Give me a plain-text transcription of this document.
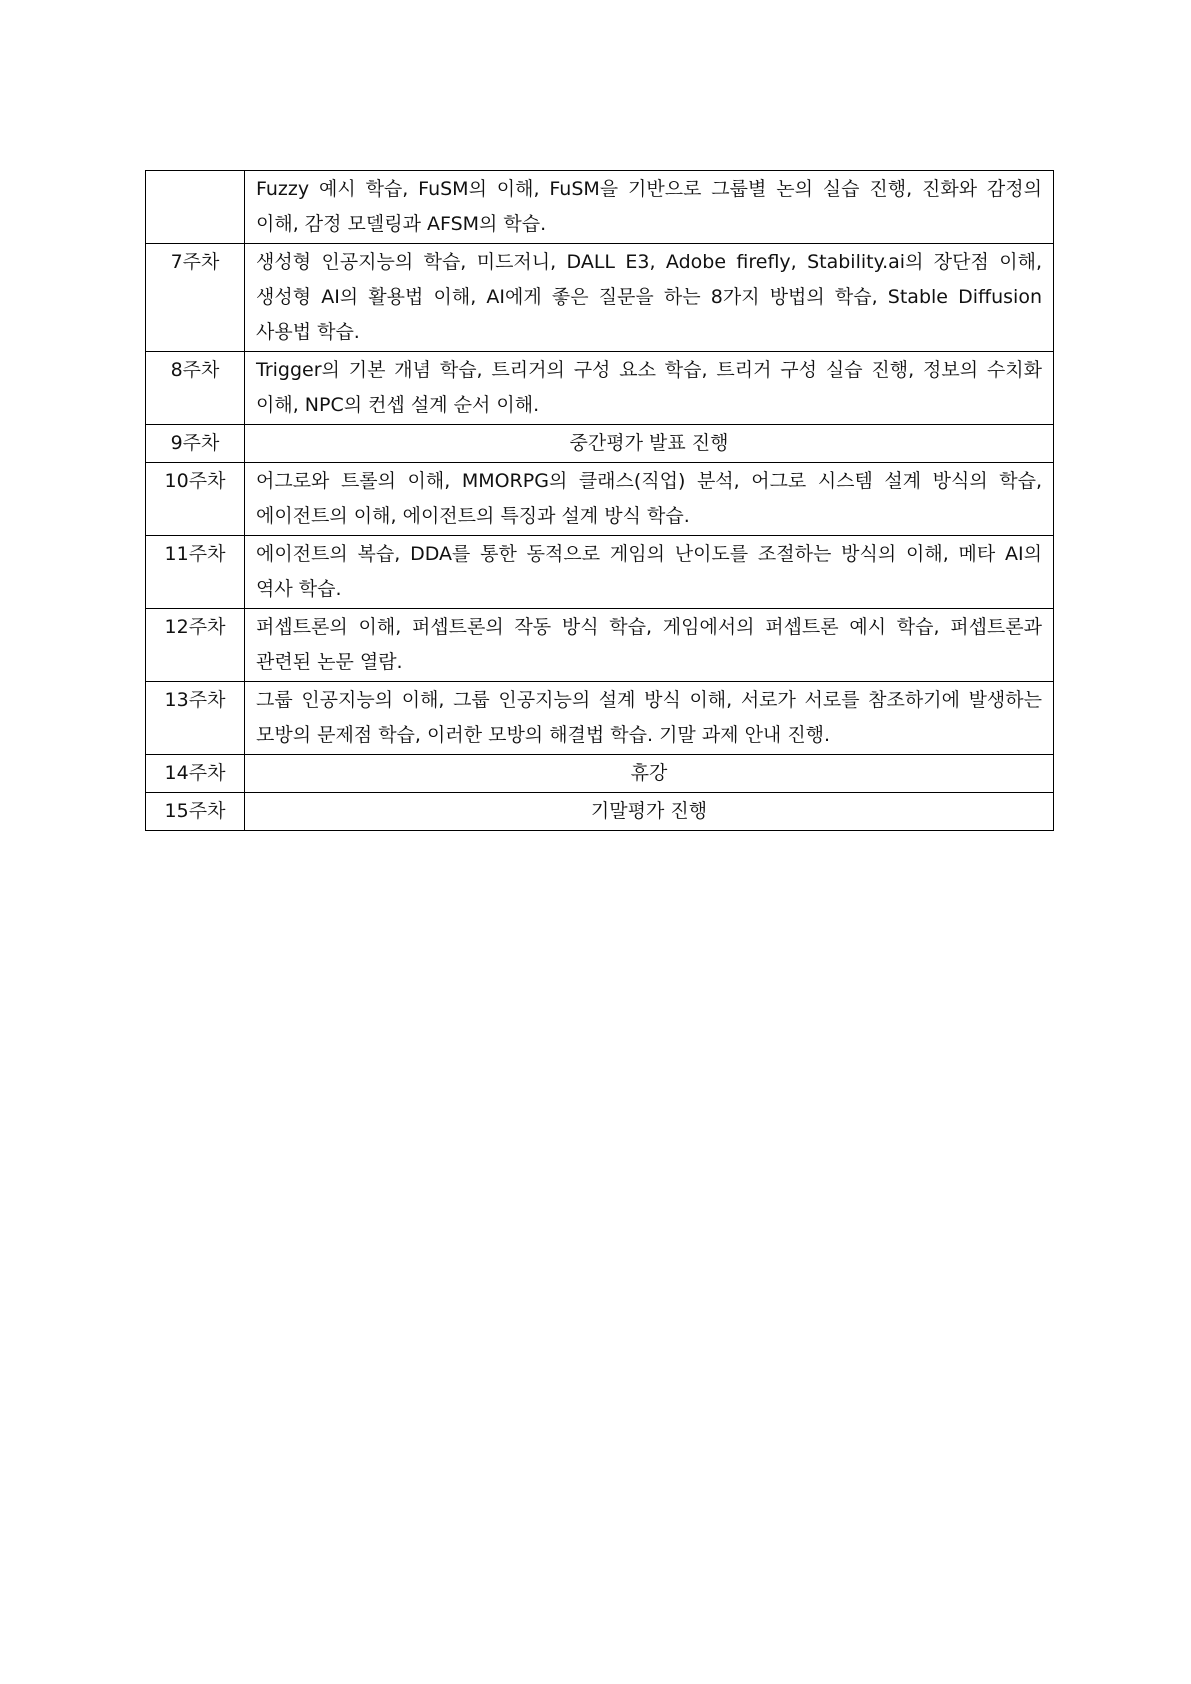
	Fuzzy 예시 학습, FuSM의 이해, FuSM을 기반으로 그룹별 논의 실습 진행, 진화와 감정의 이해, 감정 모델링과 AFSM의 학습.
7주차	생성형 인공지능의 학습, 미드저니, DALL E3, Adobe firefly, Stability.ai의 장단점 이해, 생성형 AI의 활용법 이해, AI에게 좋은 질문을 하는 8가지 방법의 학습, Stable Diffusion 사용법 학습.
8주차	Trigger의 기본 개념 학습, 트리거의 구성 요소 학습, 트리거 구성 실습 진행, 정보의 수치화 이해, NPC의 컨셉 설계 순서 이해.
9주차	중간평가 발표 진행
10주차	어그로와 트롤의 이해, MMORPG의 클래스(직업) 분석, 어그로 시스템 설계 방식의 학습, 에이전트의 이해, 에이전트의 특징과 설계 방식 학습.
11주차	에이전트의 복습, DDA를 통한 동적으로 게임의 난이도를 조절하는 방식의 이해, 메타 AI의 역사 학습.
12주차	퍼셉트론의 이해, 퍼셉트론의 작동 방식 학습, 게임에서의 퍼셉트론 예시 학습, 퍼셉트론과 관련된 논문 열람.
13주차	그룹 인공지능의 이해, 그룹 인공지능의 설계 방식 이해, 서로가 서로를 참조하기에 발생하는 모방의 문제점 학습, 이러한 모방의 해결법 학습. 기말 과제 안내 진행.
14주차	휴강
15주차	기말평가 진행
